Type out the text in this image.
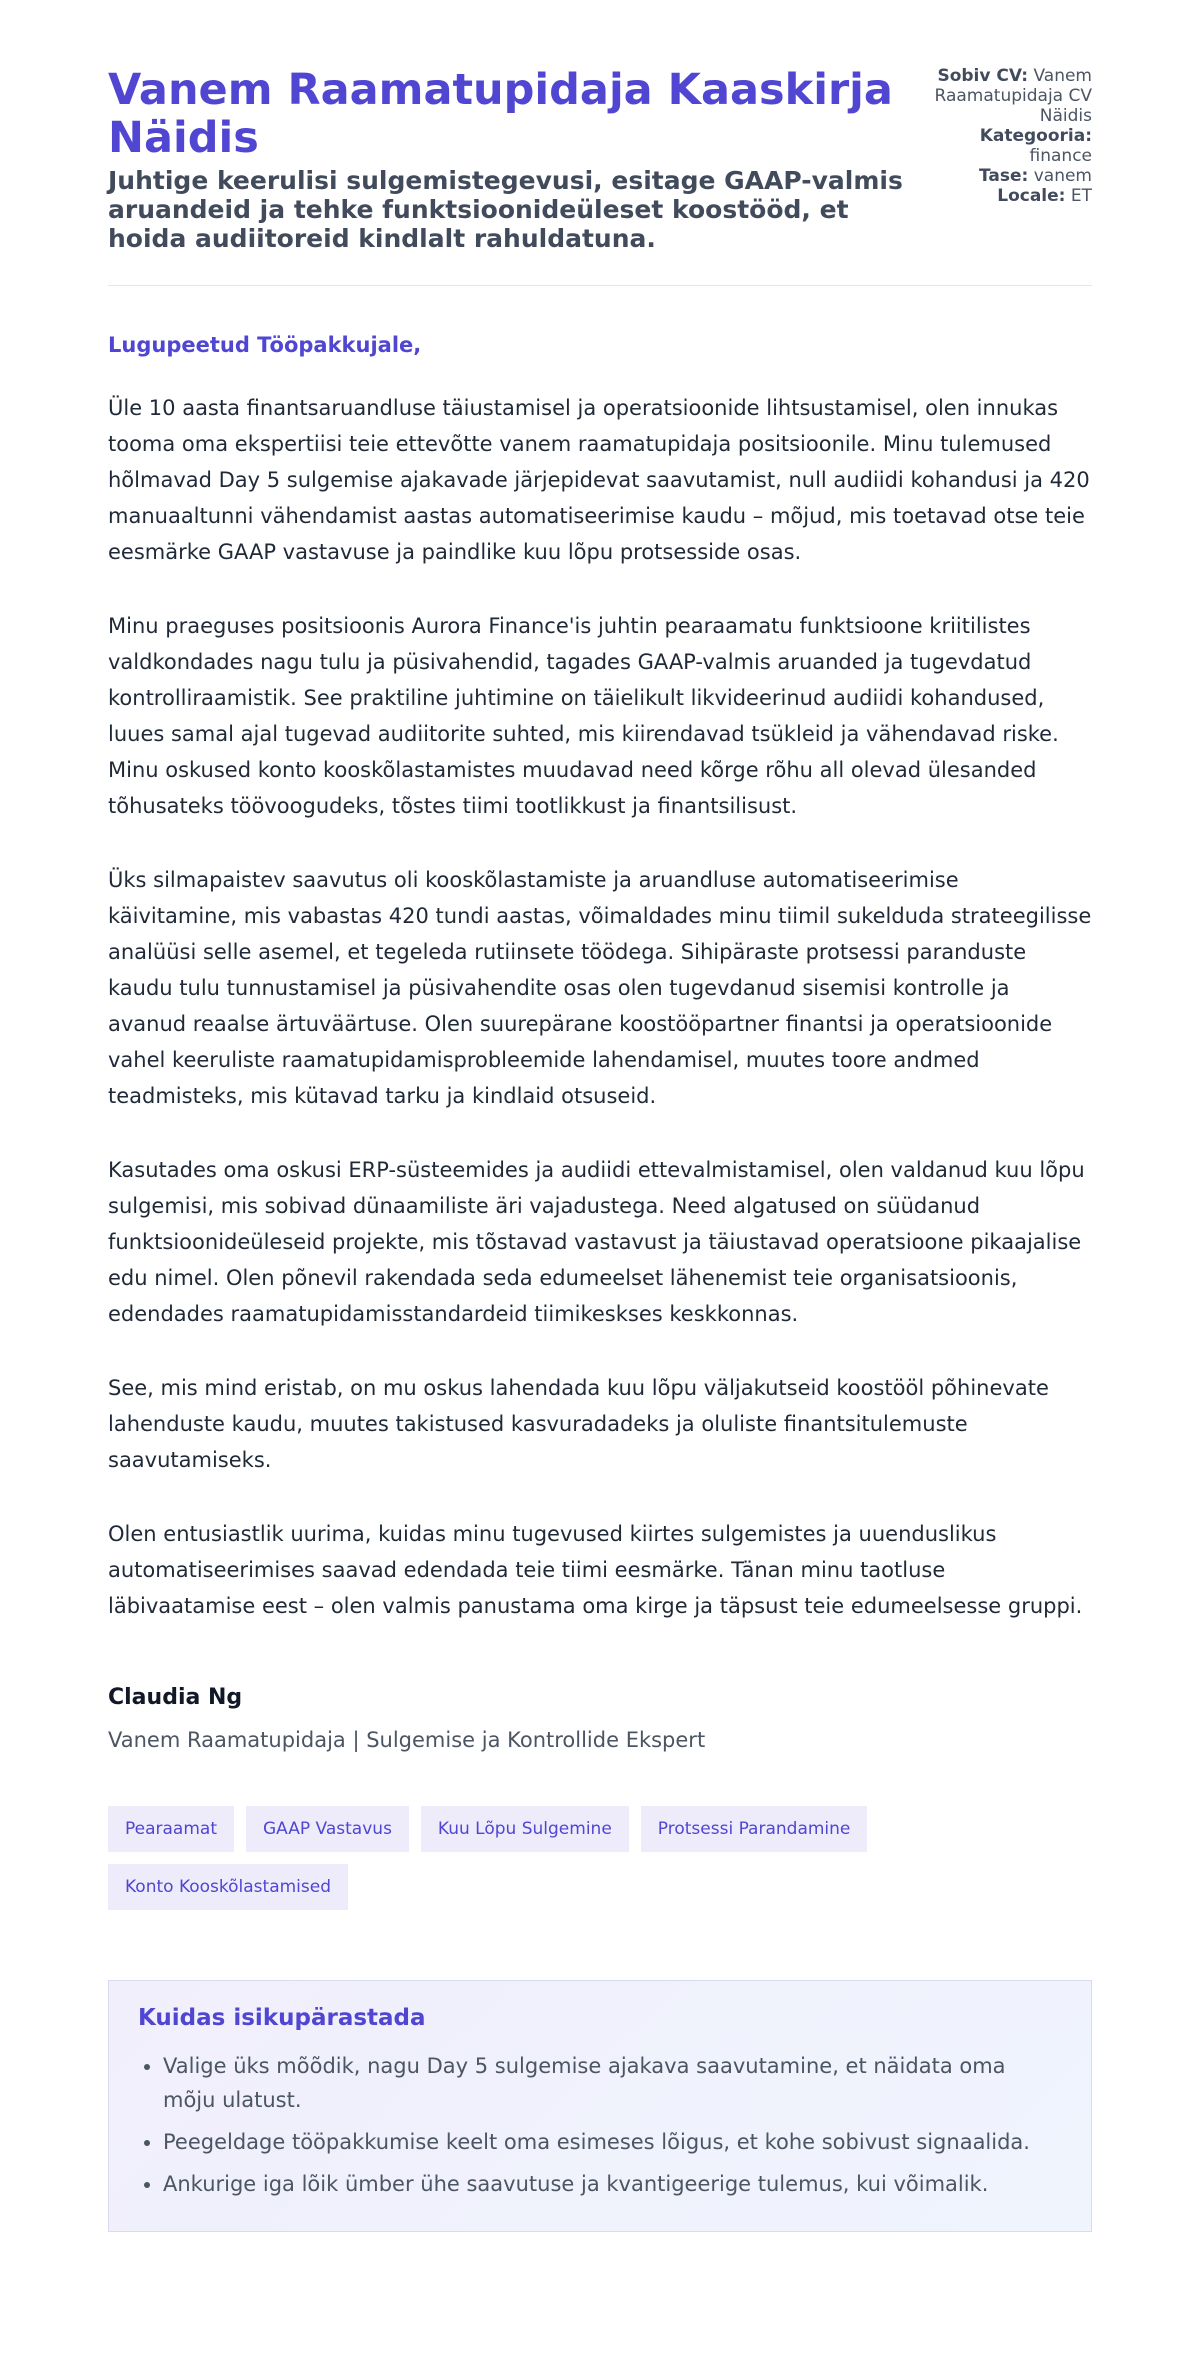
Vanem Raamatupidaja Kaaskirja Näidis

Juhtige keerulisi sulgemistegevusi, esitage GAAP-valmis aruandeid ja tehke funktsioonideüleset koostööd, et hoida audiitoreid kindlalt rahuldatuna.

Sobiv CV: Vanem Raamatupidaja CV Näidis
Kategooria: finance
Tase: vanem
Locale: ET

Lugupeetud Tööpakkujale,

Üle 10 aasta finantsaruandluse täiustamisel ja operatsioonide lihtsustamisel, olen innukas tooma oma ekspertiisi teie ettevõtte vanem raamatupidaja positsioonile. Minu tulemused hõlmavad Day 5 sulgemise ajakavade järjepidevat saavutamist, null audiidi kohandusi ja 420 manuaaltunni vähendamist aastas automatiseerimise kaudu – mõjud, mis toetavad otse teie eesmärke GAAP vastavuse ja paindlike kuu lõpu protsesside osas.

Minu praeguses positsioonis Aurora Finance'is juhtin pearaamatu funktsioone kriitilistes valdkondades nagu tulu ja püsivahendid, tagades GAAP-valmis aruanded ja tugevdatud kontrolliraamistik. See praktiline juhtimine on täielikult likvideerinud audiidi kohandused, luues samal ajal tugevad audiitorite suhted, mis kiirendavad tsükleid ja vähendavad riske. Minu oskused konto kooskõlastamistes muudavad need kõrge rõhu all olevad ülesanded tõhusateks töövoogudeks, tõstes tiimi tootlikkust ja finantsilisust.

Üks silmapaistev saavutus oli kooskõlastamiste ja aruandluse automatiseerimise käivitamine, mis vabastas 420 tundi aastas, võimaldades minu tiimil sukelduda strateegilisse analüüsi selle asemel, et tegeleda rutiinsete töödega. Sihipäraste protsessi paranduste kaudu tulu tunnustamisel ja püsivahendite osas olen tugevdanud sisemisi kontrolle ja avanud reaalse ärtuväärtuse. Olen suurepärane koostööpartner finantsi ja operatsioonide vahel keeruliste raamatupidamisprobleemide lahendamisel, muutes toore andmed teadmisteks, mis kütavad tarku ja kindlaid otsuseid.

Kasutades oma oskusi ERP-süsteemides ja audiidi ettevalmistamisel, olen valdanud kuu lõpu sulgemisi, mis sobivad dünaamiliste äri vajadustega. Need algatused on süüdanud funktsioonideüleseid projekte, mis tõstavad vastavust ja täiustavad operatsioone pikaajalise edu nimel. Olen põnevil rakendada seda edumeelset lähenemist teie organisatsioonis, edendades raamatupidamisstandardeid tiimikeskses keskkonnas.

See, mis mind eristab, on mu oskus lahendada kuu lõpu väljakutseid koostööl põhinevate lahenduste kaudu, muutes takistused kasvuradadeks ja oluliste finantsitulemuste saavutamiseks.

Olen entusiastlik uurima, kuidas minu tugevused kiirtes sulgemistes ja uuenduslikus automatiseerimises saavad edendada teie tiimi eesmärke. Tänan minu taotluse läbivaatamise eest – olen valmis panustama oma kirge ja täpsust teie edumeelsesse gruppi.

Claudia Ng

Vanem Raamatupidaja | Sulgemise ja Kontrollide Ekspert

Pearaamat	GAAP Vastavus	Kuu Lõpu Sulgemine	Protsessi Parandamine
Konto Kooskõlastamised
Kuidas isikupärastada
• Valige üks mõõdik, nagu Day 5 sulgemise ajakava saavutamine, et näidata oma mõju ulatust.
• Peegeldage tööpakkumise keelt oma esimeses lõigus, et kohe sobivust signaalida.
• Ankurige iga lõik ümber ühe saavutuse ja kvantigeerige tulemus, kui võimalik.
